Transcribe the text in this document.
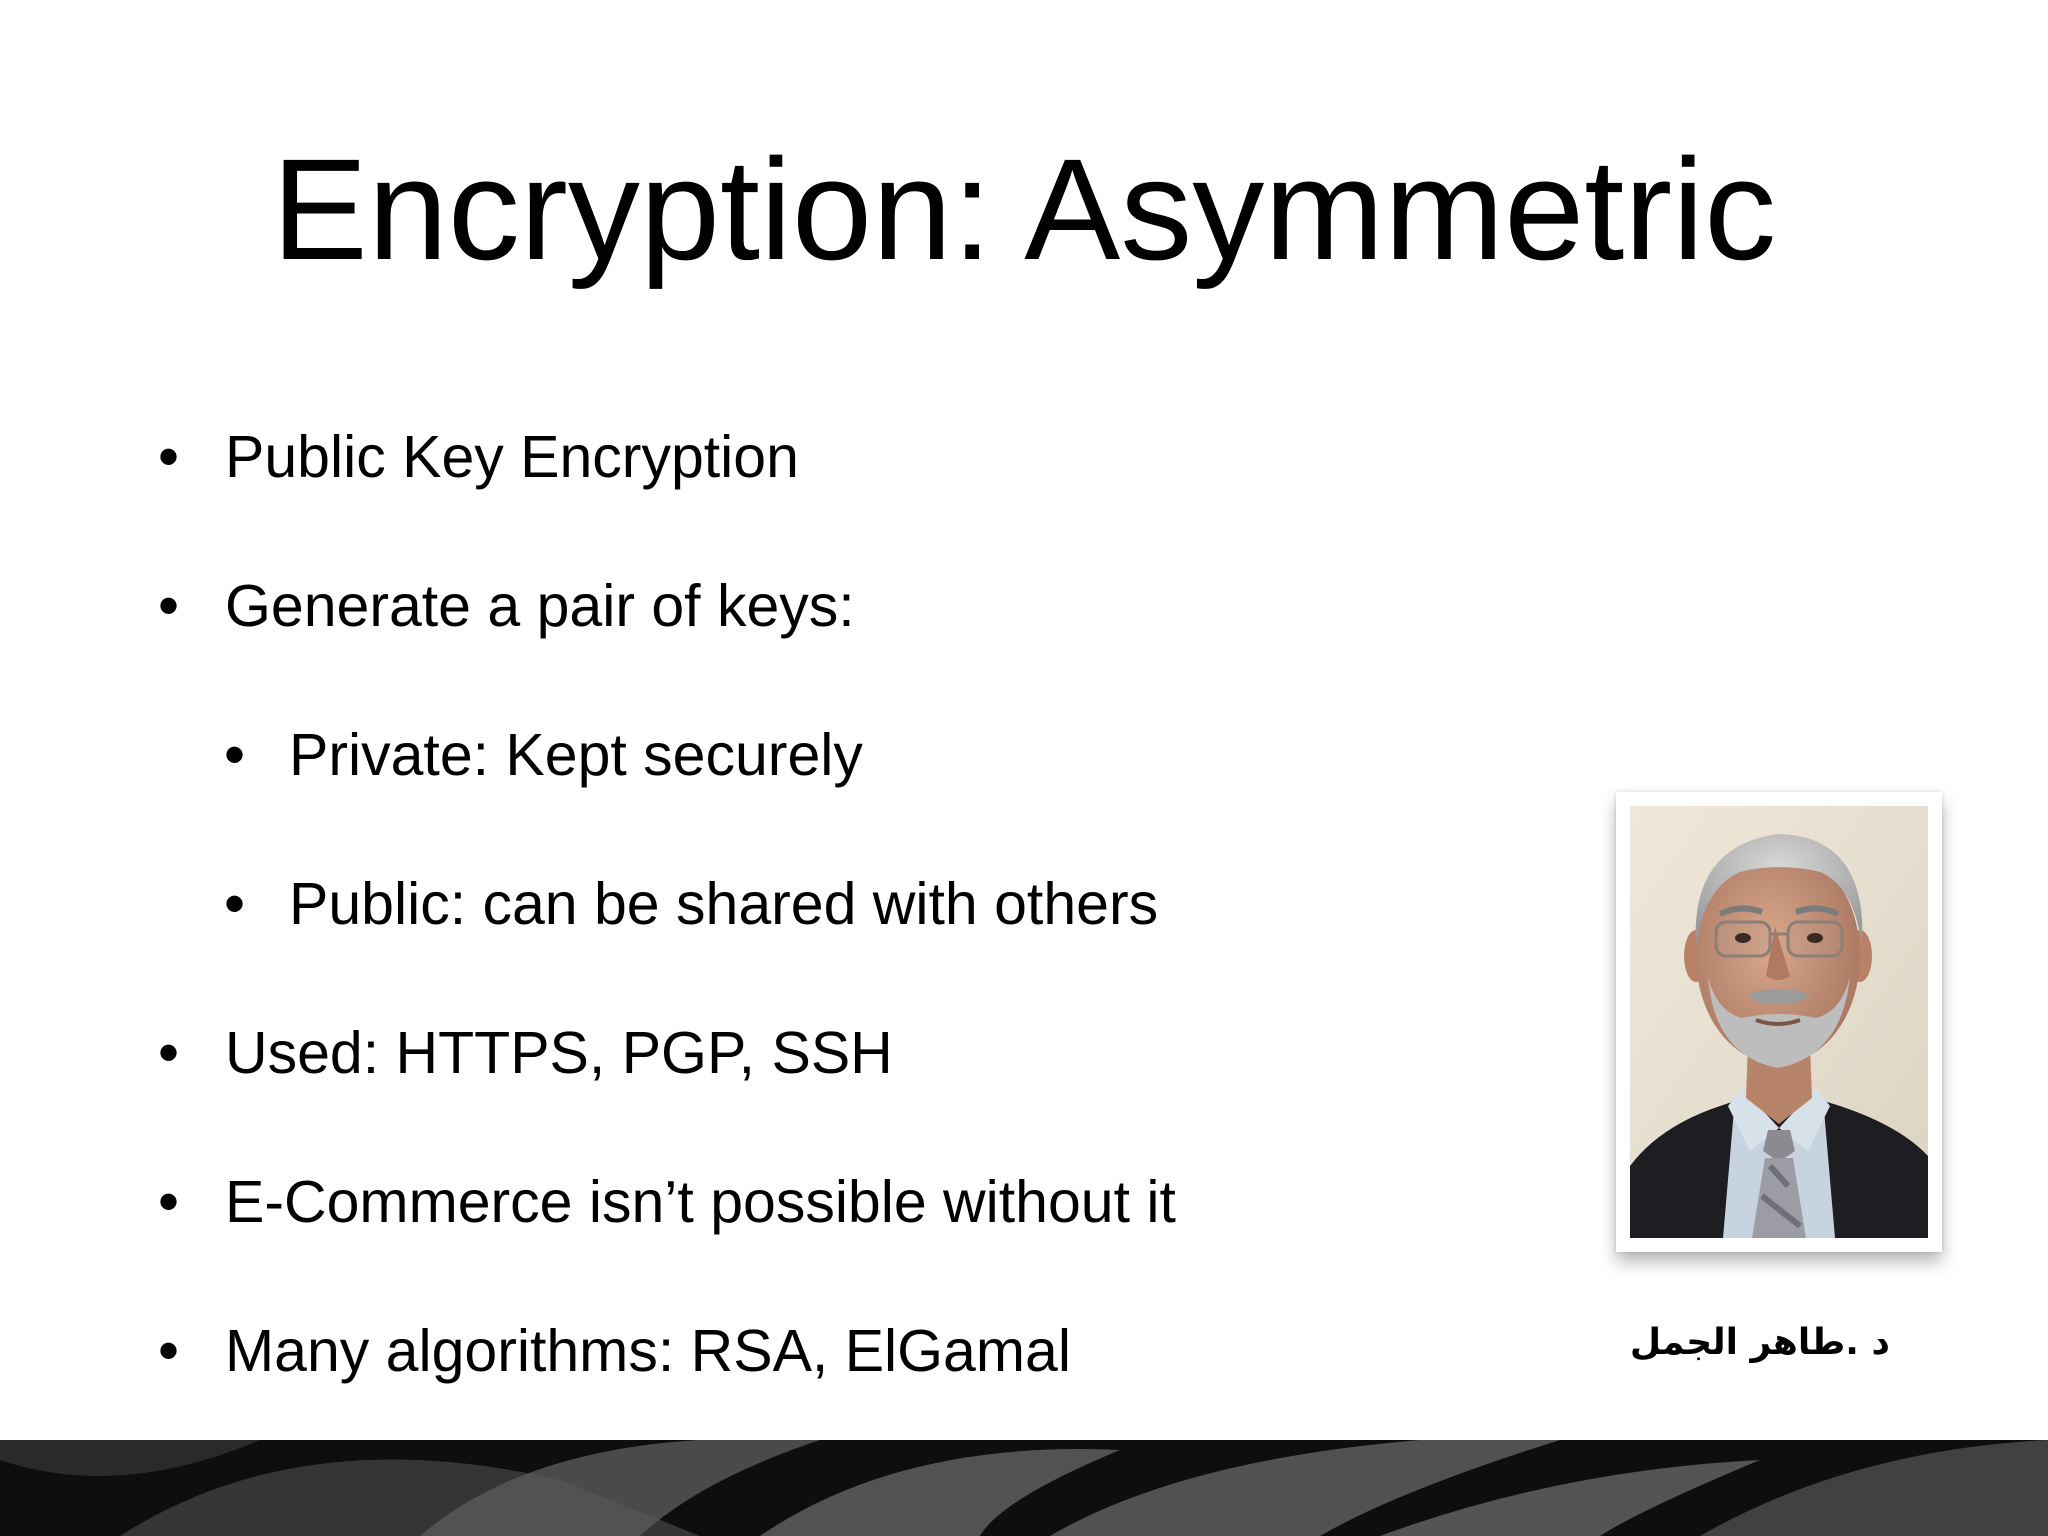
Encryption: Asymmetric
• Public Key Encryption
• Generate a pair of keys:
• Private: Kept securely
• Public: can be shared with others
• Used: HTTPS, PGP, SSH
• E-Commerce isn’t possible without it
• Many algorithms: RSA, ElGamal	د .طاهر الجمل
